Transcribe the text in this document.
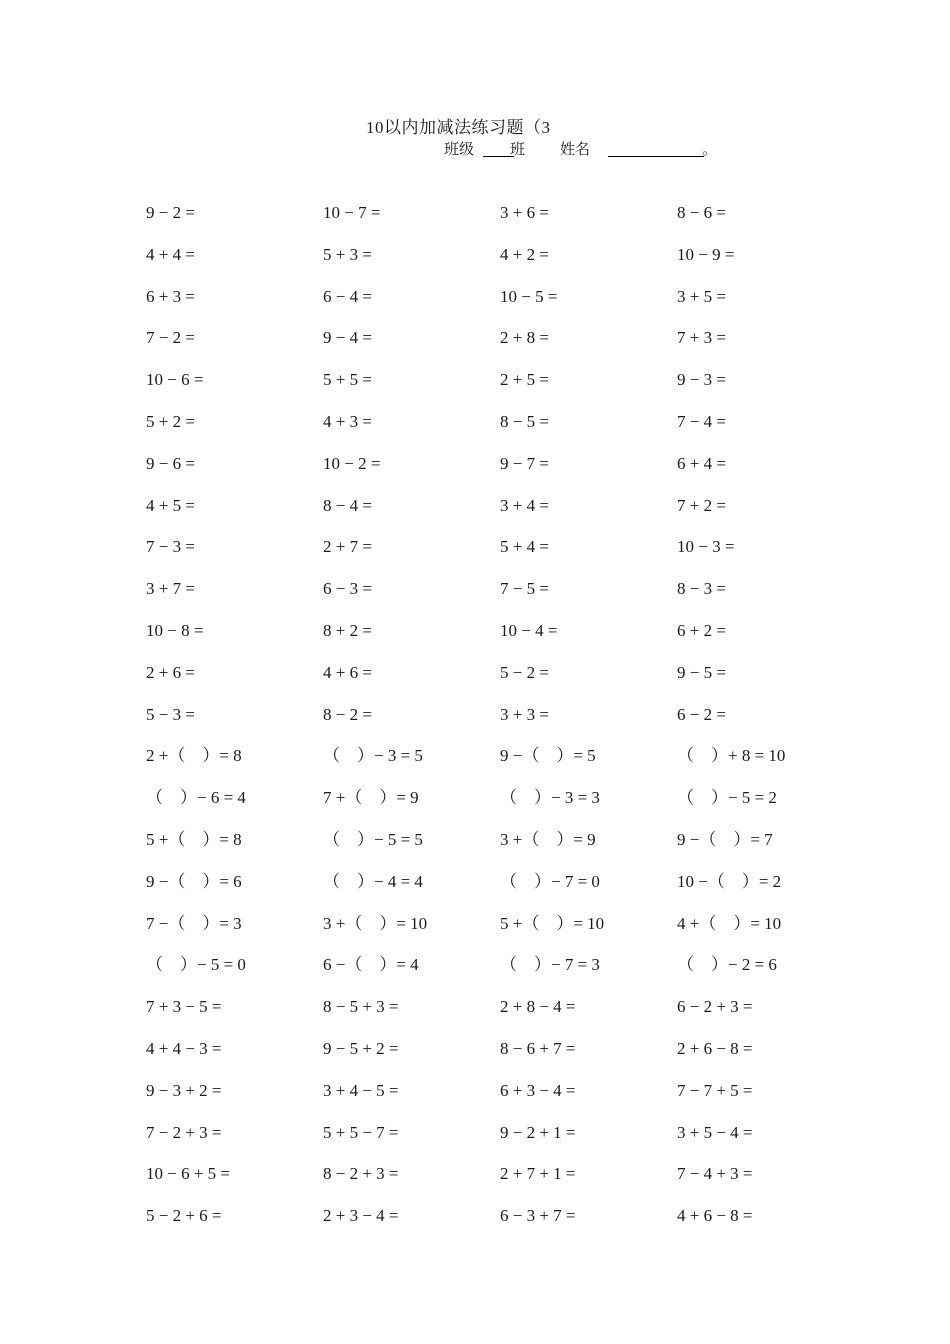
10以内加减法练习题（3
班级 班 姓名	。
9 − 2 =	10 − 7 =	3 + 6 =	8 − 6 =
4 + 4 =	5 + 3 =	4 + 2 =	10 − 9 =
6 + 3 =	6 − 4 =	10 − 5 =	3 + 5 =
7 − 2 =	9 − 4 =	2 + 8 =	7 + 3 =
10 − 6 =	5 + 5 =	2 + 5 =	9 − 3 =
5 + 2 =	4 + 3 =	8 − 5 =	7 − 4 =
9 − 6 =	10 − 2 =	9 − 7 =	6 + 4 =
4 + 5 =	8 − 4 =	3 + 4 =	7 + 2 =
7 − 3 =	2 + 7 =	5 + 4 =	10 − 3 =
3 + 7 =	6 − 3 =	7 − 5 =	8 − 3 =
10 − 8 =	8 + 2 =	10 − 4 =	6 + 2 =
2 + 6 =	4 + 6 =	5 − 2 =	9 − 5 =
5 − 3 =	8 − 2 =	3 + 3 =	6 − 2 =
2 +（　）= 8	（　）− 3 = 5	9 −（　）= 5	（　）+ 8 = 10
（　）− 6 = 4	7 +（　）= 9	（　）− 3 = 3	（　）− 5 = 2
5 +（　）= 8	（　）− 5 = 5	3 +（　）= 9	9 −（　）= 7
9 −（　）= 6	（　）− 4 = 4	（　）− 7 = 0	10 −（　）= 2
7 −（　）= 3	3 +（　）= 10	5 +（　）= 10	4 +（　）= 10
（　）− 5 = 0	6 −（　）= 4	（　）− 7 = 3	（　）− 2 = 6
7 + 3 − 5 =	8 − 5 + 3 =	2 + 8 − 4 =	6 − 2 + 3 =
4 + 4 − 3 =	9 − 5 + 2 =	8 − 6 + 7 =	2 + 6 − 8 =
9 − 3 + 2 =	3 + 4 − 5 =	6 + 3 − 4 =	7 − 7 + 5 =
7 − 2 + 3 =	5 + 5 − 7 =	9 − 2 + 1 =	3 + 5 − 4 =
10 − 6 + 5 =	8 − 2 + 3 =	2 + 7 + 1 =	7 − 4 + 3 =
5 − 2 + 6 =	2 + 3 − 4 =	6 − 3 + 7 =	4 + 6 − 8 =
